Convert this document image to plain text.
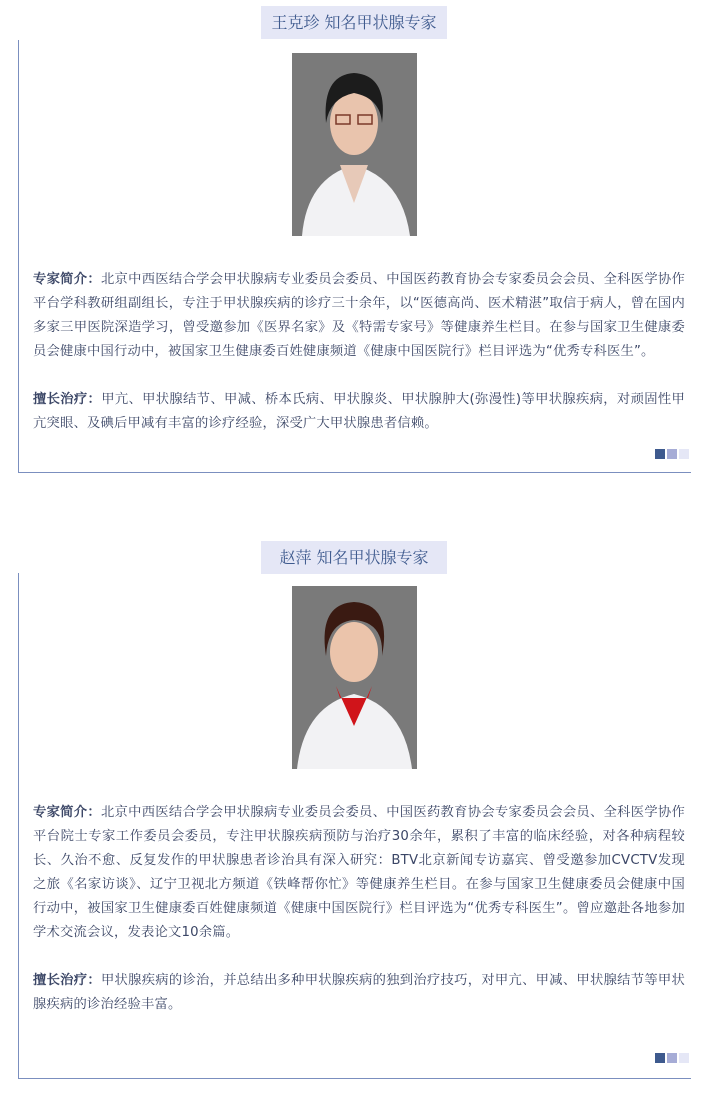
王克珍 知名甲状腺专家

专家简介：北京中西医结合学会甲状腺病专业委员会委员、中国医药教育协会专家委员会会员、全科医学协作平台学科教研组副组长，专注于甲状腺疾病的诊疗三十余年，以“医德高尚、医术精湛”取信于病人，曾在国内多家三甲医院深造学习，曾受邀参加《医界名家》及《特需专家号》等健康养生栏目。在参与国家卫生健康委员会健康中国行动中，被国家卫生健康委百姓健康频道《健康中国医院行》栏目评选为“优秀专科医生”。

擅长治疗：甲亢、甲状腺结节、甲减、桥本氏病、甲状腺炎、甲状腺肿大(弥漫性)等甲状腺疾病，对顽固性甲亢突眼、及碘后甲减有丰富的诊疗经验，深受广大甲状腺患者信赖。

赵萍 知名甲状腺专家

专家简介：北京中西医结合学会甲状腺病专业委员会委员、中国医药教育协会专家委员会会员、全科医学协作平台院士专家工作委员会委员，专注甲状腺疾病预防与治疗30余年，累积了丰富的临床经验，对各种病程较长、久治不愈、反复发作的甲状腺患者诊治具有深入研究：BTV北京新闻专访嘉宾、曾受邀参加CVCTV发现之旅《名家访谈》、辽宁卫视北方频道《铁峰帮你忙》等健康养生栏目。在参与国家卫生健康委员会健康中国行动中，被国家卫生健康委百姓健康频道《健康中国医院行》栏目评选为“优秀专科医生”。曾应邀赴各地参加学术交流会议，发表论文10余篇。

擅长治疗：甲状腺疾病的诊治，并总结出多种甲状腺疾病的独到治疗技巧，对甲亢、甲减、甲状腺结节等甲状腺疾病的诊治经验丰富。
